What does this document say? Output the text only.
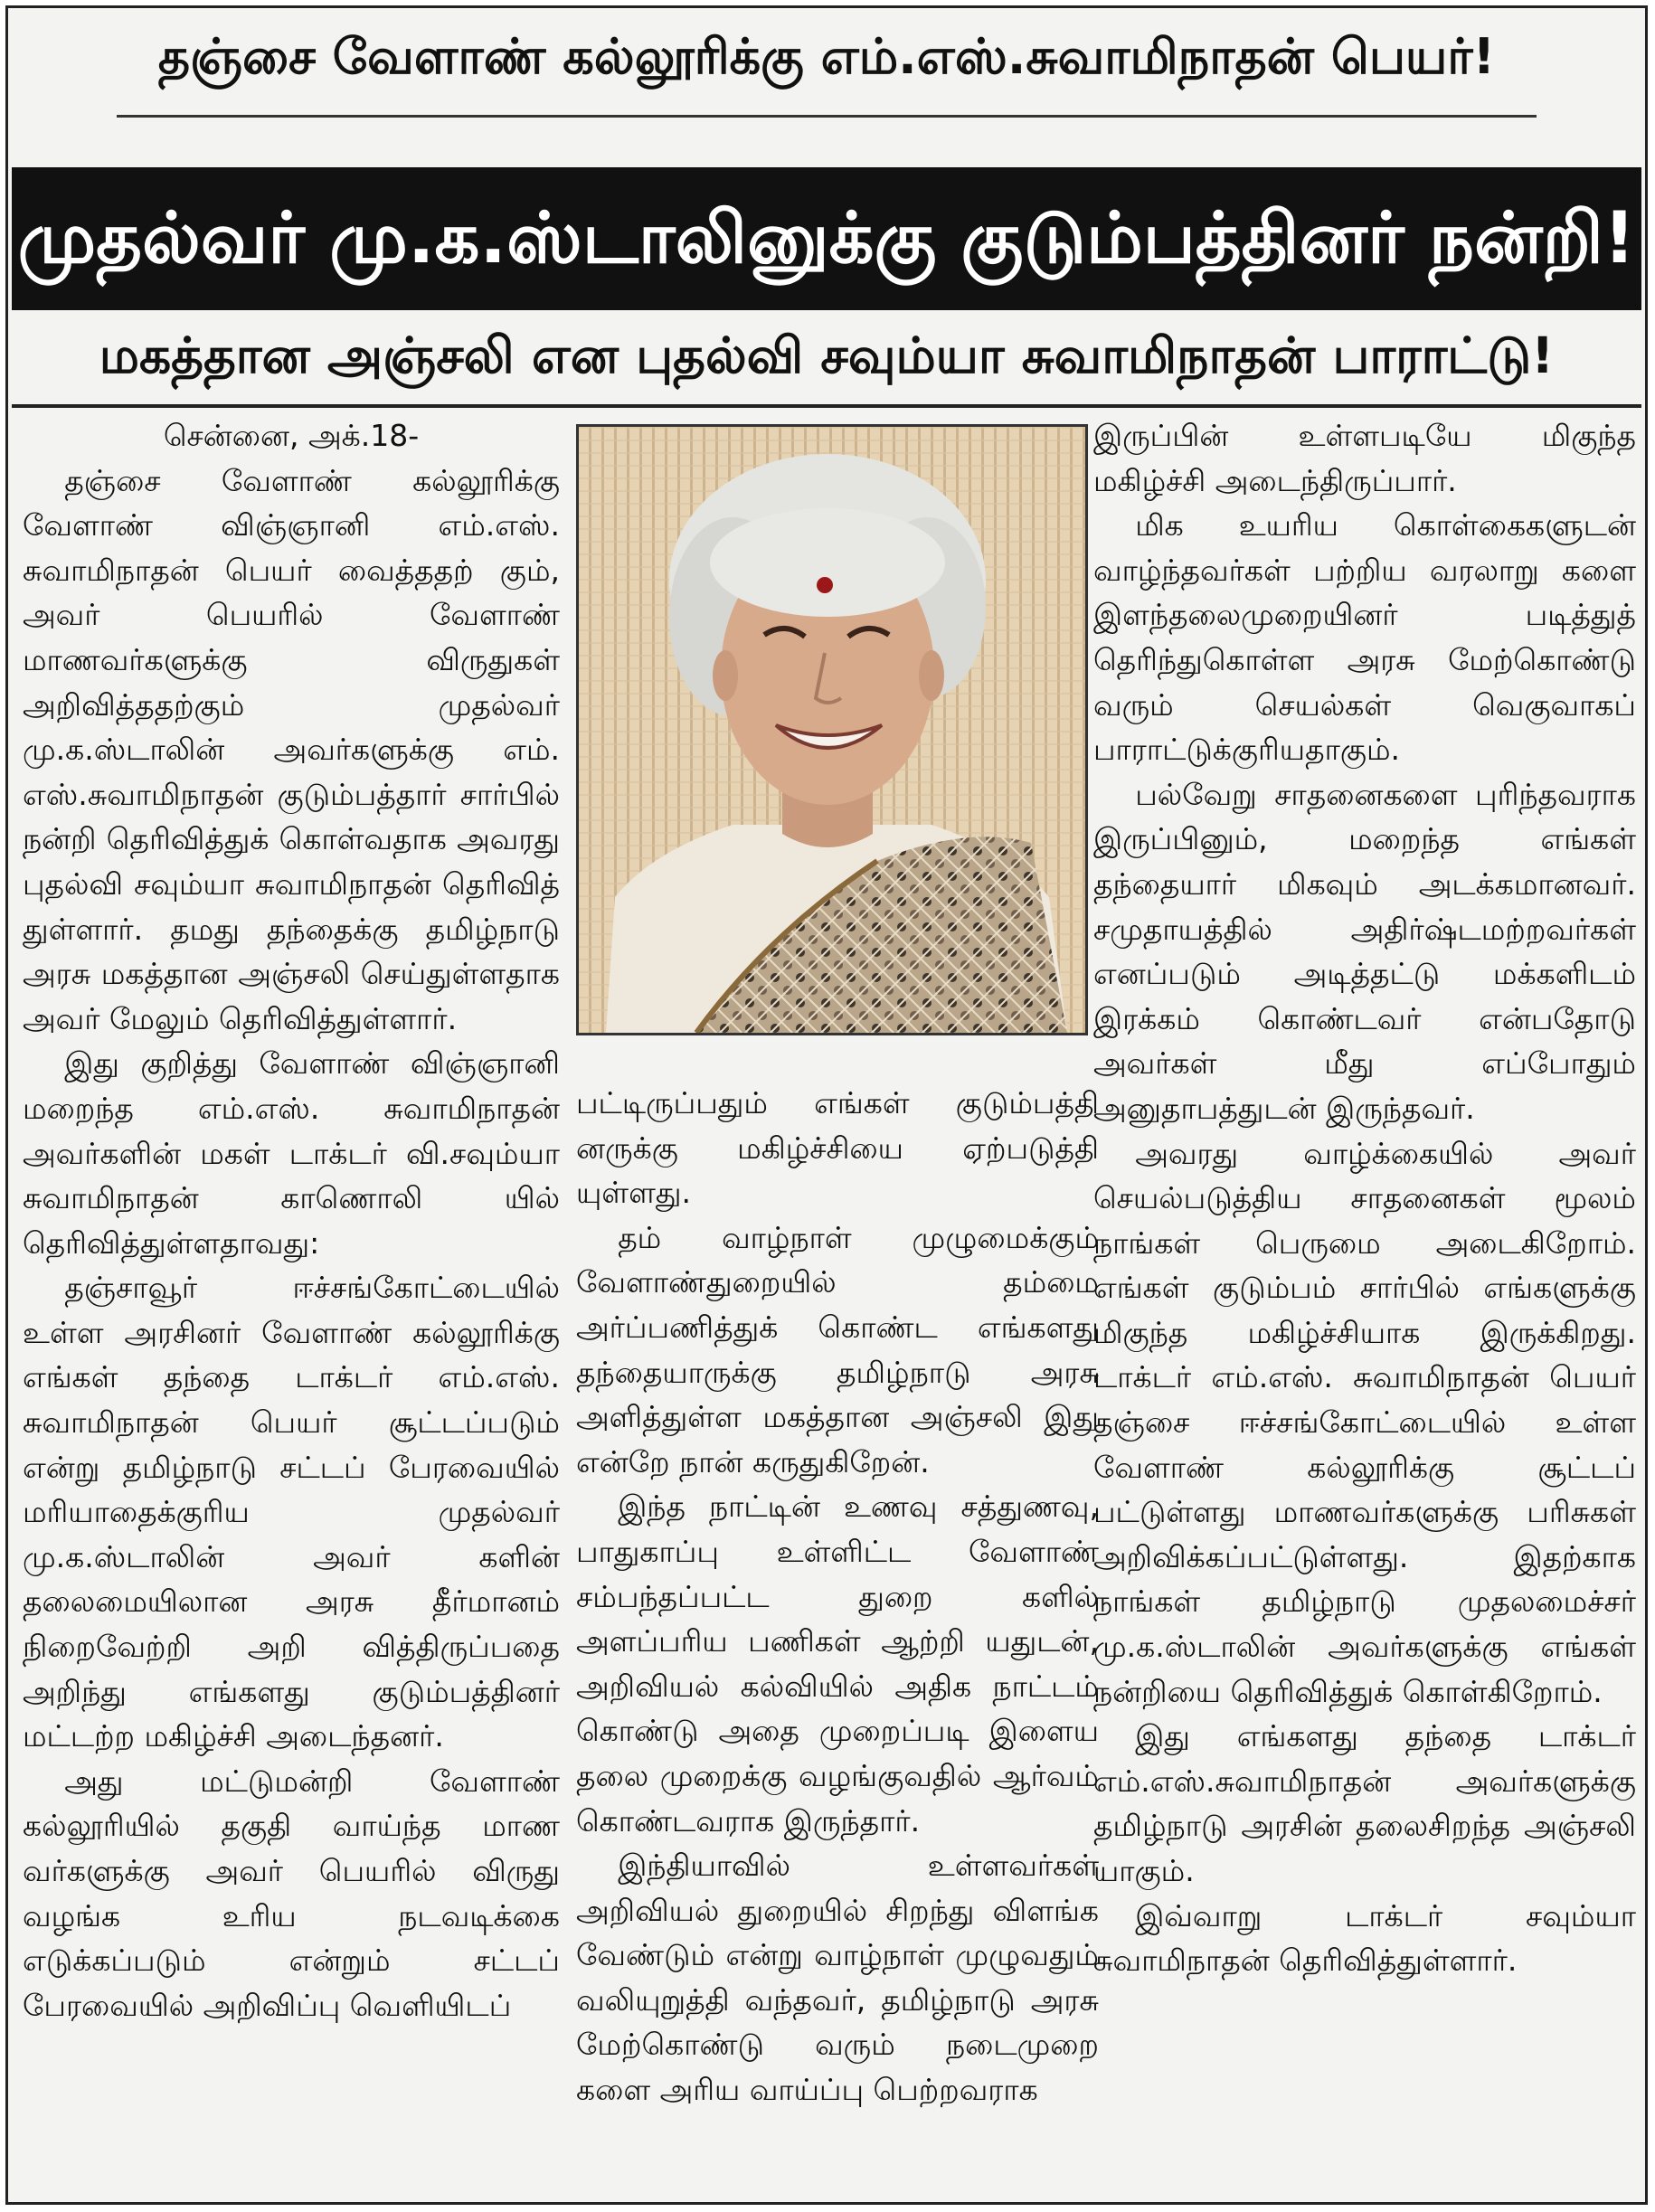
தஞ்சை வேளாண் கல்லூரிக்கு எம்.எஸ்.சுவாமிநாதன் பெயர்!
முதல்வர் மு.க.ஸ்டாலினுக்கு குடும்பத்தினர் நன்றி!
மகத்தான அஞ்சலி என புதல்வி சவும்யா சுவாமிநாதன் பாராட்டு!
சென்னை, அக்.18-

தஞ்சை வேளாண் கல்லூரிக்கு வேளாண் விஞ்ஞானி எம்.எஸ். சுவாமிநாதன் பெயர் வைத்ததற் கும், அவர் பெயரில் வேளாண் மாணவர்களுக்கு விருதுகள் அறிவித்ததற்கும் முதல்வர் மு.க.ஸ்டாலின் அவர்களுக்கு எம். எஸ்.சுவாமிநாதன் குடும்பத்தார் சார்பில் நன்றி தெரிவித்துக் கொள்வதாக அவரது புதல்வி சவும்யா சுவாமிநாதன் தெரிவித் துள்ளார். தமது தந்தைக்கு தமிழ்நாடு அரசு மகத்தான அஞ்சலி செய்துள்ளதாக அவர் மேலும் தெரிவித்துள்ளார்.

இது குறித்து வேளாண் விஞ்ஞானி மறைந்த எம்.எஸ். சுவாமிநாதன் அவர்களின் மகள் டாக்டர் வி.சவும்யா சுவாமிநாதன் காணொலி யில் தெரிவித்துள்ளதாவது:

தஞ்சாவூர் ஈச்சங்கோட்டையில் உள்ள அரசினர் வேளாண் கல்லூரிக்கு எங்கள் தந்தை டாக்டர் எம்.எஸ். சுவாமிநாதன் பெயர் சூட்டப்படும் என்று தமிழ்நாடு சட்டப் பேரவையில் மரியாதைக்குரிய முதல்வர் மு.க.ஸ்டாலின் அவர் களின் தலைமையிலான அரசு தீர்மானம் நிறைவேற்றி அறி வித்திருப்பதை அறிந்து எங்களது குடும்பத்தினர் மட்டற்ற மகிழ்ச்சி அடைந்தனர்.

அது மட்டுமன்றி வேளாண் கல்லூரியில் தகுதி வாய்ந்த மாண வர்களுக்கு அவர் பெயரில் விருது வழங்க உரிய நடவடிக்கை எடுக்கப்படும் என்றும் சட்டப் பேரவையில் அறிவிப்பு வெளியிடப்

பட்டிருப்பதும் எங்கள் குடும்பத்தி னருக்கு மகிழ்ச்சியை ஏற்படுத்தி யுள்ளது.

தம் வாழ்நாள் முழுமைக்கும் வேளாண்துறையில் தம்மை அர்ப்பணித்துக் கொண்ட எங்களது தந்தையாருக்கு தமிழ்நாடு அரசு அளித்துள்ள மகத்தான அஞ்சலி இது என்றே நான் கருதுகிறேன்.

இந்த நாட்டின் உணவு சத்துணவு, பாதுகாப்பு உள்ளிட்ட வேளாண் சம்பந்தப்பட்ட துறை களில் அளப்பரிய பணிகள் ஆற்றி யதுடன், அறிவியல் கல்வியில் அதிக நாட்டம் கொண்டு அதை முறைப்படி இளைய தலை முறைக்கு வழங்குவதில் ஆர்வம் கொண்டவராக இருந்தார்.

இந்தியாவில் உள்ளவர்கள் அறிவியல் துறையில் சிறந்து விளங்க வேண்டும் என்று வாழ்நாள் முழுவதும் வலியுறுத்தி வந்தவர், தமிழ்நாடு அரசு மேற்கொண்டு வரும் நடைமுறை களை அரிய வாய்ப்பு பெற்றவராக

இருப்பின் உள்ளபடியே மிகுந்த மகிழ்ச்சி அடைந்திருப்பார்.

மிக உயரிய கொள்கைகளுடன் வாழ்ந்தவர்கள் பற்றிய வரலாறு களை இளந்தலைமுறையினர் படித்துத் தெரிந்துகொள்ள அரசு மேற்கொண்டு வரும் செயல்கள் வெகுவாகப் பாராட்டுக்குரியதாகும்.

பல்வேறு சாதனைகளை புரிந்தவராக இருப்பினும், மறைந்த எங்கள் தந்தையார் மிகவும் அடக்கமானவர். சமுதாயத்தில் அதிர்ஷ்டமற்றவர்கள் எனப்படும் அடித்தட்டு மக்களிடம் இரக்கம் கொண்டவர் என்பதோடு அவர்கள் மீது எப்போதும் அனுதாபத்துடன் இருந்தவர்.

அவரது வாழ்க்கையில் அவர் செயல்படுத்திய சாதனைகள் மூலம் நாங்கள் பெருமை அடைகிறோம். எங்கள் குடும்பம் சார்பில் எங்களுக்கு மிகுந்த மகிழ்ச்சியாக இருக்கிறது. டாக்டர் எம்.எஸ். சுவாமிநாதன் பெயர் தஞ்சை ஈச்சங்கோட்டையில் உள்ள வேளாண் கல்லூரிக்கு சூட்டப் பட்டுள்ளது மாணவர்களுக்கு பரிசுகள் அறிவிக்கப்பட்டுள்ளது. இதற்காக நாங்கள் தமிழ்நாடு முதலமைச்சர் மு.க.ஸ்டாலின் அவர்களுக்கு எங்கள் நன்றியை தெரிவித்துக் கொள்கிறோம்.

இது எங்களது தந்தை டாக்டர் எம்.எஸ்.சுவாமிநாதன் அவர்களுக்கு தமிழ்நாடு அரசின் தலைசிறந்த அஞ்சலி யாகும்.

இவ்வாறு டாக்டர் சவும்யா சுவாமிநாதன் தெரிவித்துள்ளார்.
